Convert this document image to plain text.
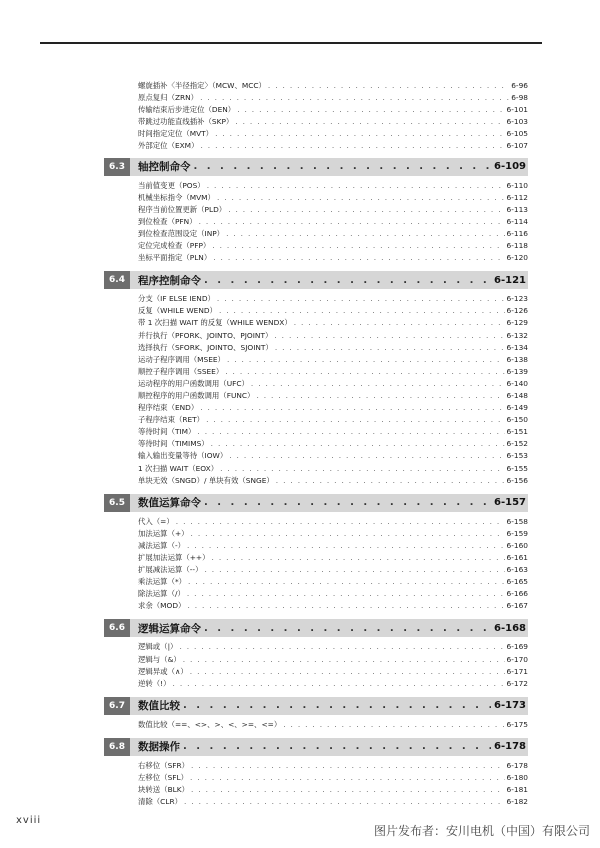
螺旋插补〈半径指定〉（MCW、MCC） . . .	6-96
原点复归（ZRN） . . .	6-98
传输结束后步进定位（DEN） . . .	6-101
带跳过功能直线插补（SKP） . . .	6-103
时间指定定位（MVT） . . .	6-105
外部定位（EXM） . . .	6-107
6.3	轴控制命令 . . .	6-109
当前值变更（POS） . . .	6-110
机械坐标指令（MVM） . . .	6-112
程序当前位置更新（PLD） . . .	6-113
到位检查（PFN） . . .	6-114
到位检查范围设定（INP） . . .	6-116
定位完成检查（PFP） . . .	6-118
坐标平面指定（PLN） . . .	6-120
6.4	程序控制命令 . . .	6-121
分支（IF ELSE IEND） . . .	6-123
反复（WHILE WEND） . . .	6-126
带 1 次扫描 WAIT 的反复（WHILE WENDX） . . .	6-129
并行执行（PFORK、JOINTO、PJOINT） . . .	6-132
选择执行（SFORK、JOINTO、SJOINT） . . .	6-134
运动子程序调用（MSEE） . . .	6-138
顺控子程序调用（SSEE） . . .	6-139
运动程序的用户函数调用（UFC） . . .	6-140
顺控程序的用户函数调用（FUNC） . . .	6-148
程序结束（END） . . .	6-149
子程序结束（RET） . . .	6-150
等待时间（TIM） . . .	6-151
等待时间（TIMIMS） . . .	6-152
输入输出变量等待（IOW） . . .	6-153
1 次扫描 WAIT（EOX） . . .	6-155
单块无效（SNGD）/ 单块有效（SNGE） . . .	6-156
6.5	数值运算命令 . . .	6-157
代入（=） . . .	6-158
加法运算（+） . . .	6-159
减法运算（-） . . .	6-160
扩展加法运算（++） . . .	6-161
扩展减法运算（--） . . .	6-163
乘法运算（*） . . .	6-165
除法运算（/） . . .	6-166
求余（MOD） . . .	6-167
6.6	逻辑运算命令 . . .	6-168
逻辑或（|） . . .	6-169
逻辑与（&） . . .	6-170
逻辑异或（∧） . . .	6-171
逆转（!） . . .	6-172
6.7	数值比较 . . .	6-173
数值比较（==、<>、>、<、>=、<=） . . .	6-175
6.8	数据操作 . . .	6-178
右移位（SFR） . . .	6-178
左移位（SFL） . . .	6-180
块转送（BLK） . . .	6-181
清除（CLR） . . .	6-182
xviii
图片发布者：安川电机（中国）有限公司
